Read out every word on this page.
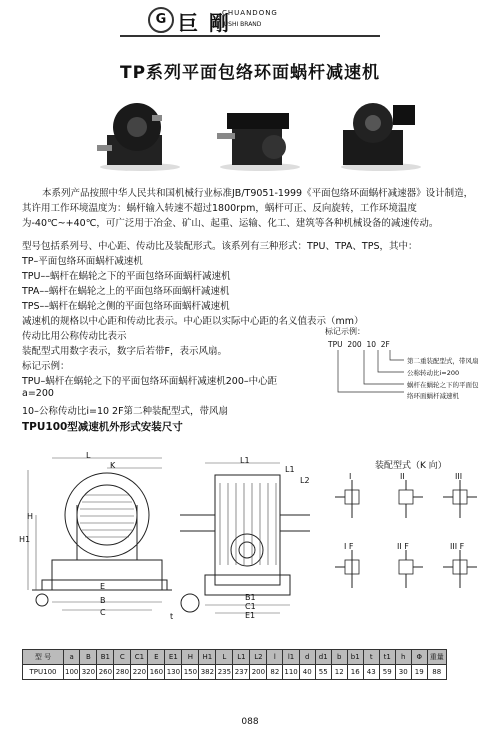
G 巨 剛
CHUANDONG
JUSHI BRAND
TP系列平面包络环面蜗杆减速机
本系列产品按照中华人民共和国机械行业标准JB/T9051-1999《平面包络环面蜗杆减速器》设计制造，其许用工作环境温度为：蜗杆输入转速不超过1800rpm，蜗杆可正、反向旋转，工作环境温度为-40℃~+40℃，可广泛用于冶金、矿山、起重、运输、化工、建筑等各种机械设备的减速传动。
型号包括系列号、中心距、传动比及装配形式。该系列有三种形式：TPU、TPA、TPS，其中：
TP–平面包络环面蜗杆减速机
TPU––蜗杆在蜗轮之下的平面包络环面蜗杆减速机
TPA––蜗杆在蜗轮之上的平面包络环面蜗杆减速机
TPS––蜗杆在蜗轮之侧的平面包络环面蜗杆减速机
减速机的规格以中心距和传动比表示。中心距以实际中心距的名义值表示（mm）
传动比用公称传动比表示
装配型式用数字表示，数字后若带F，表示风扇。
标记示例：
TPU–蜗杆在蜗轮之下的平面包络环面蜗杆减速机200–中心距
a=200
10–公称传动比i=10 2F第二种装配型式，带风扇
标记示例：
TPU  200  10  2F
第二重装配型式，带风扇
公称转动比i=200
蜗杆在蜗轮之下的平面包
络环面蜗杆减速机
TPU100型减速机外形式安装尺寸
L
K
H
H1
E
B
C
L1
B1
C1
E1
t
L1
L2
装配型式（K 向）
I	II	III
I F	II F	III F
型 号	a	B	B1	C	C1	E	E1	H	H1	L	L1	L2	l	l1	d	d1	b	b1	t	t1	h	Φ	重量
TPU100	100	320	260	280	220	160	130	150	382	235	237	200	82	110	40	55	12	16	43	59	30	19	88
088
